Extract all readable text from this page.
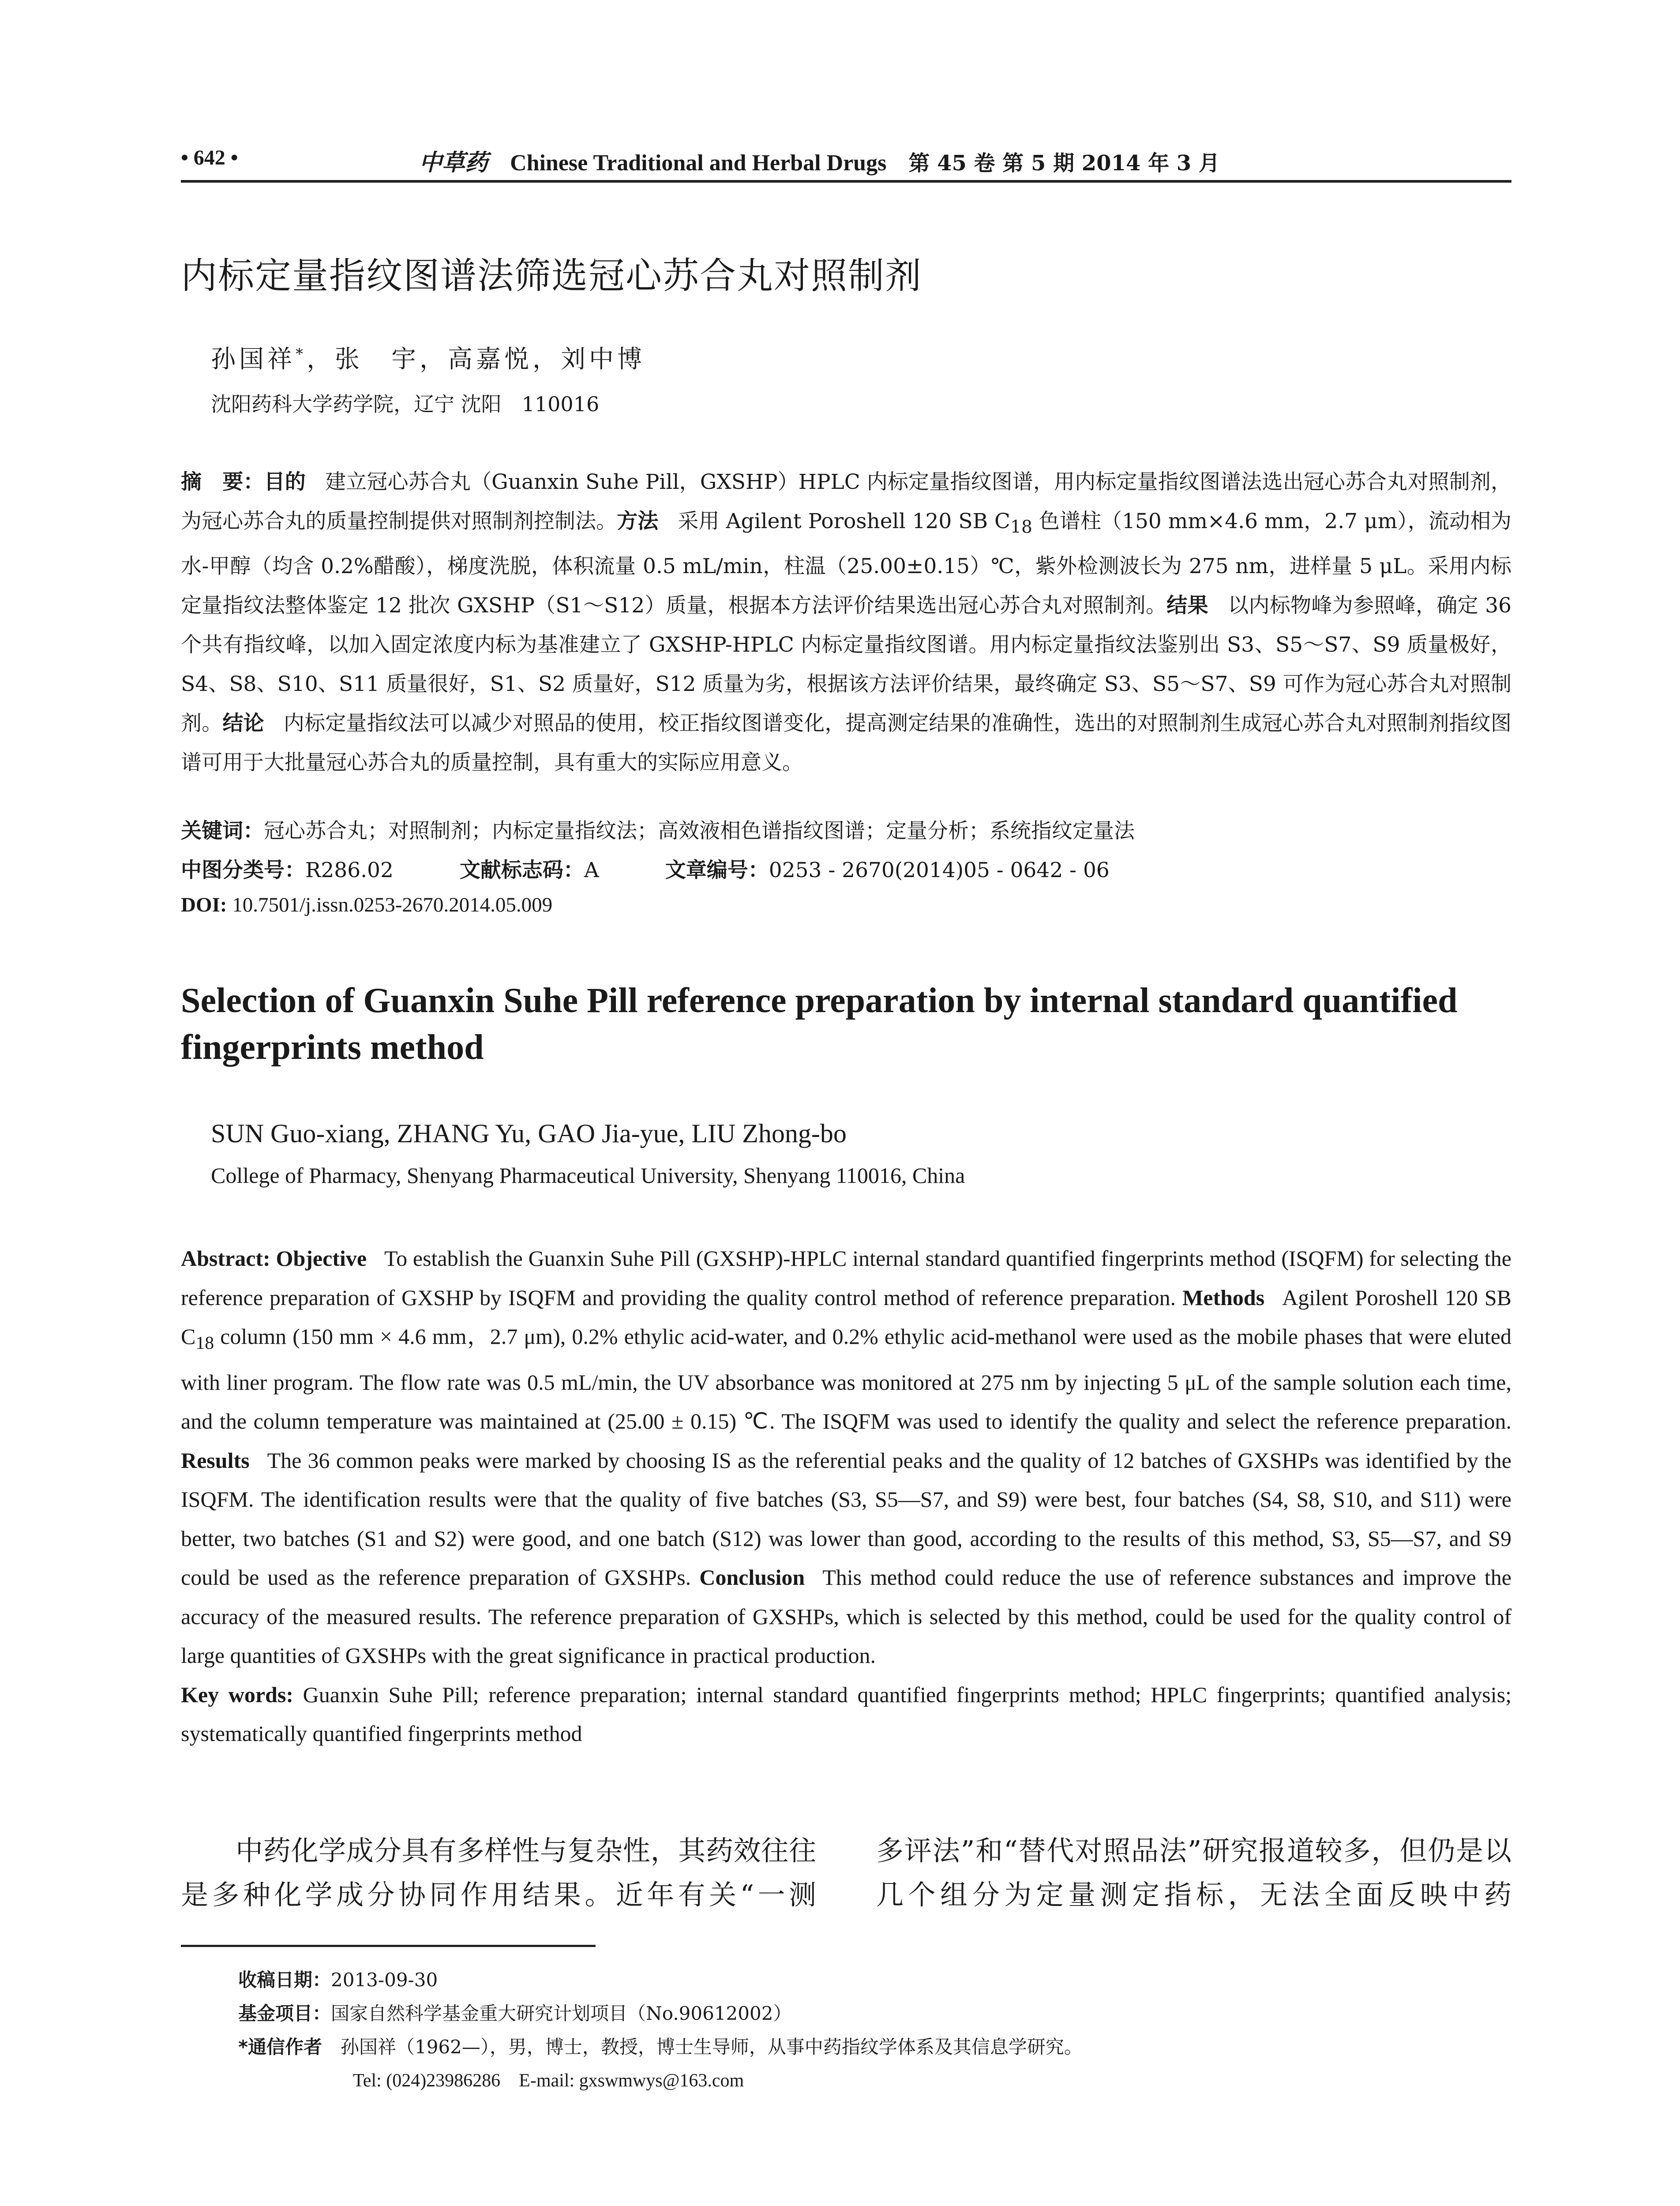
• 642 •	中草药 Chinese Traditional and Herbal Drugs 第 45 卷 第 5 期 2014 年 3 月
内标定量指纹图谱法筛选冠心苏合丸对照制剂
孙国祥*，张　宇，高嘉悦，刘中博
沈阳药科大学药学院，辽宁 沈阳　110016
摘　要：目的 建立冠心苏合丸（Guanxin Suhe Pill，GXSHP）HPLC 内标定量指纹图谱，用内标定量指纹图谱法选出冠心苏合丸对照制剂，为冠心苏合丸的质量控制提供对照制剂控制法。方法 采用 Agilent Poroshell 120 SB $C_{18}$ 色谱柱（150 mm×4.6 mm，2.7 μm），流动相为水-甲醇（均含 0.2%醋酸），梯度洗脱，体积流量 0.5 mL/min，柱温（25.00±0.15）℃，紫外检测波长为 275 nm，进样量 5 μL。采用内标定量指纹法整体鉴定 12 批次 GXSHP（S1～S12）质量，根据本方法评价结果选出冠心苏合丸对照制剂。结果 以内标物峰为参照峰，确定 36 个共有指纹峰，以加入固定浓度内标为基准建立了 GXSHP-HPLC 内标定量指纹图谱。用内标定量指纹法鉴别出 S3、S5～S7、S9 质量极好，S4、S8、S10、S11 质量很好，S1、S2 质量好，S12 质量为劣，根据该方法评价结果，最终确定 S3、S5～S7、S9 可作为冠心苏合丸对照制剂。结论 内标定量指纹法可以减少对照品的使用，校正指纹图谱变化，提高测定结果的准确性，选出的对照制剂生成冠心苏合丸对照制剂指纹图谱可用于大批量冠心苏合丸的质量控制，具有重大的实际应用意义。
关键词：冠心苏合丸；对照制剂；内标定量指纹法；高效液相色谱指纹图谱；定量分析；系统指纹定量法
中图分类号：R286.02	文献标志码：A	文章编号：0253 - 2670(2014)05 - 0642 - 06
DOI: 10.7501/j.issn.0253-2670.2014.05.009
Selection of Guanxin Suhe Pill reference preparation by internal standard quantified fingerprints method
SUN Guo-xiang, ZHANG Yu, GAO Jia-yue, LIU Zhong-bo
College of Pharmacy, Shenyang Pharmaceutical University, Shenyang 110016, China
Abstract: Objective To establish the Guanxin Suhe Pill (GXSHP)-HPLC internal standard quantified fingerprints method (ISQFM) for selecting the reference preparation of GXSHP by ISQFM and providing the quality control method of reference preparation. Methods Agilent Poroshell 120 SB $C_{18}$ column (150 mm × 4.6 mm，2.7 μm), 0.2% ethylic acid-water, and 0.2% ethylic acid-methanol were used as the mobile phases that were eluted with liner program. The flow rate was 0.5 mL/min, the UV absorbance was monitored at 275 nm by injecting 5 μL of the sample solution each time, and the column temperature was maintained at (25.00 ± 0.15) ℃. The ISQFM was used to identify the quality and select the reference preparation. Results The 36 common peaks were marked by choosing IS as the referential peaks and the quality of 12 batches of GXSHPs was identified by the ISQFM. The identification results were that the quality of five batches (S3, S5—S7, and S9) were best, four batches (S4, S8, S10, and S11) were better, two batches (S1 and S2) were good, and one batch (S12) was lower than good, according to the results of this method, S3, S5—S7, and S9 could be used as the reference preparation of GXSHPs. Conclusion This method could reduce the use of reference substances and improve the accuracy of the measured results. The reference preparation of GXSHPs, which is selected by this method, could be used for the quality control of large quantities of GXSHPs with the great significance in practical production.
Key words: Guanxin Suhe Pill; reference preparation; internal standard quantified fingerprints method; HPLC fingerprints; quantified analysis; systematically quantified fingerprints method
中药化学成分具有多样性与复杂性，其药效往往是多种化学成分协同作用结果。近年有关“一测
多评法”和“替代对照品法”研究报道较多，但仍是以几个组分为定量测定指标，无法全面反映中药
收稿日期：2013-09-30
基金项目：国家自然科学基金重大研究计划项目（No.90612002）
*通信作者　孙国祥（1962—），男，博士，教授，博士生导师，从事中药指纹学体系及其信息学研究。
Tel: (024)23986286　E-mail: gxswmwys@163.com
